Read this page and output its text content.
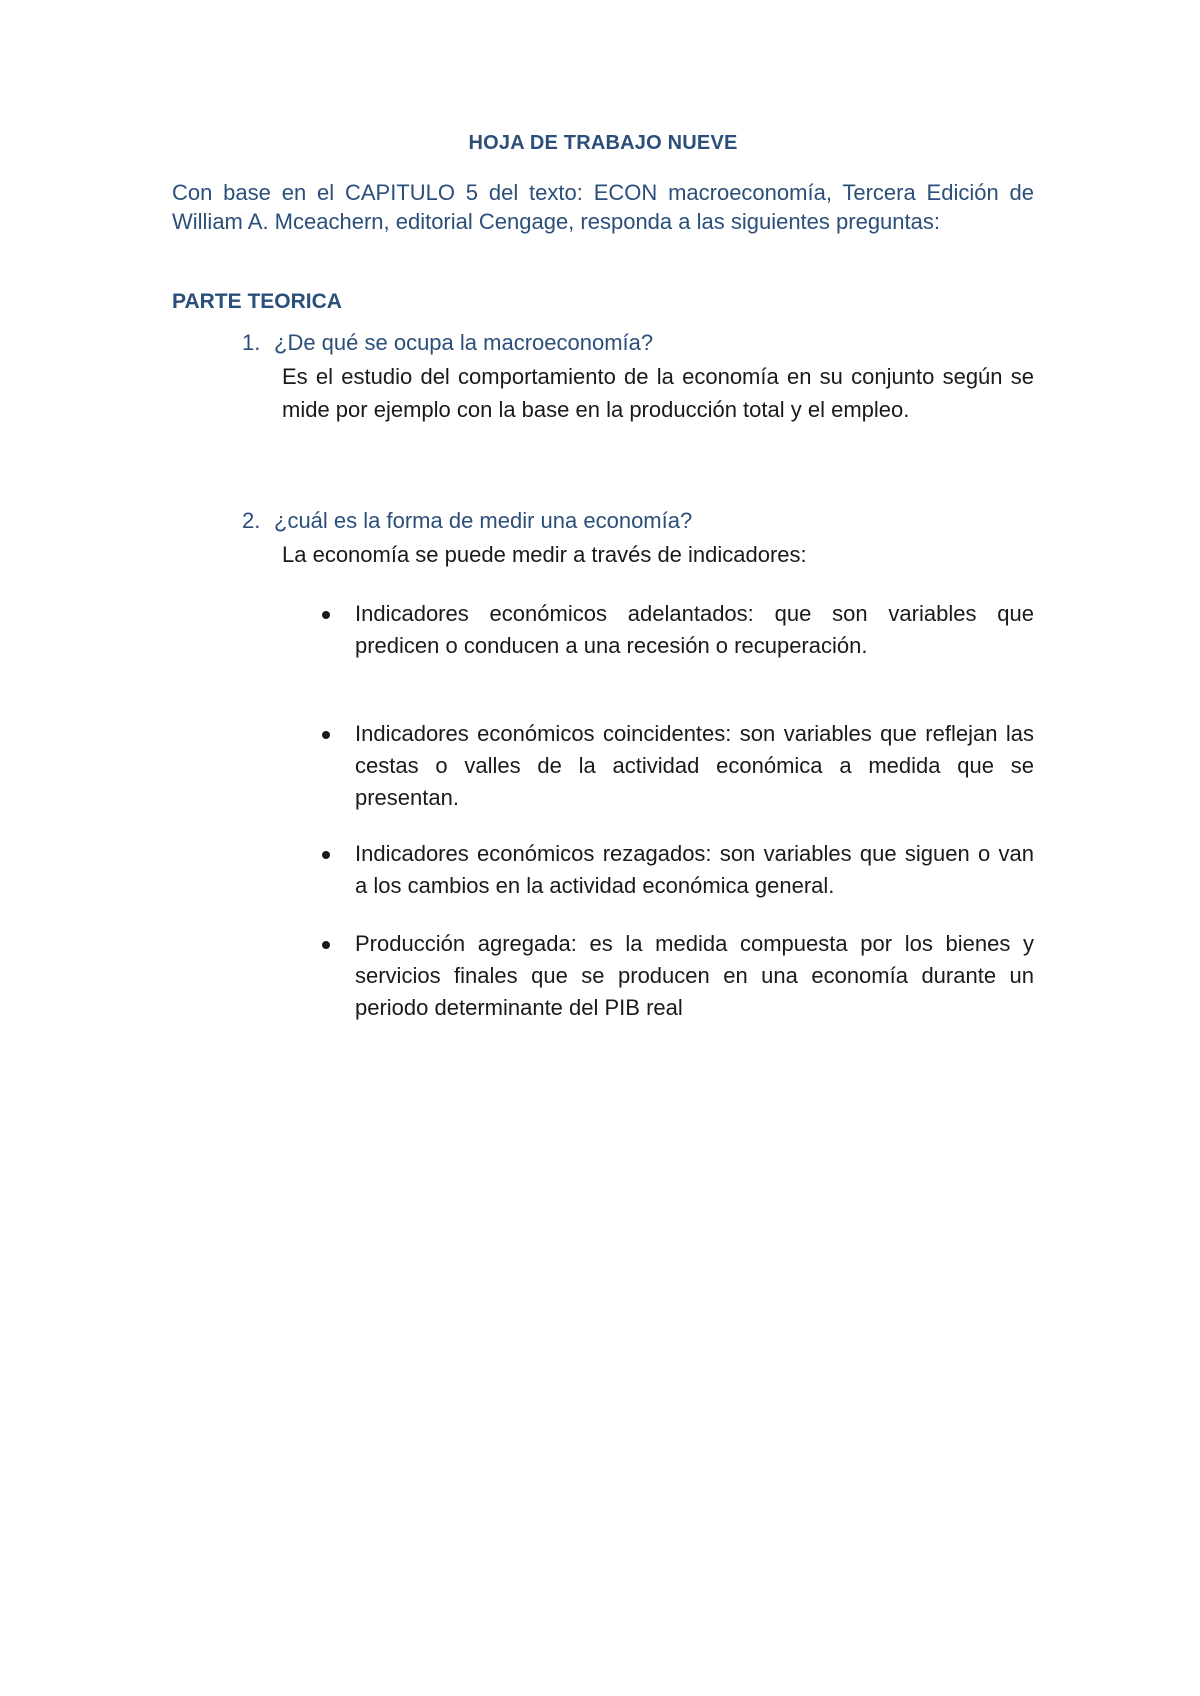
HOJA DE TRABAJO NUEVE
Con base en el CAPITULO 5 del texto: ECON macroeconomía, Tercera Edición de William A. Mceachern, editorial Cengage, responda a las siguientes preguntas:
PARTE TEORICA
1. ¿De qué se ocupa la macroeconomía?
Es el estudio del comportamiento de la economía en su conjunto según se mide por ejemplo con la base en la producción total y el empleo.
2. ¿cuál es la forma de medir una economía?
La economía se puede medir a través de indicadores:
Indicadores económicos adelantados: que son variables que predicen o conducen a una recesión o recuperación.
Indicadores económicos coincidentes: son variables que reflejan las cestas o valles de la actividad económica a medida que se presentan.
Indicadores económicos rezagados: son variables que siguen o van a los cambios en la actividad económica general.
Producción agregada: es la medida compuesta por los bienes y servicios finales que se producen en una economía durante un periodo determinante del PIB real
